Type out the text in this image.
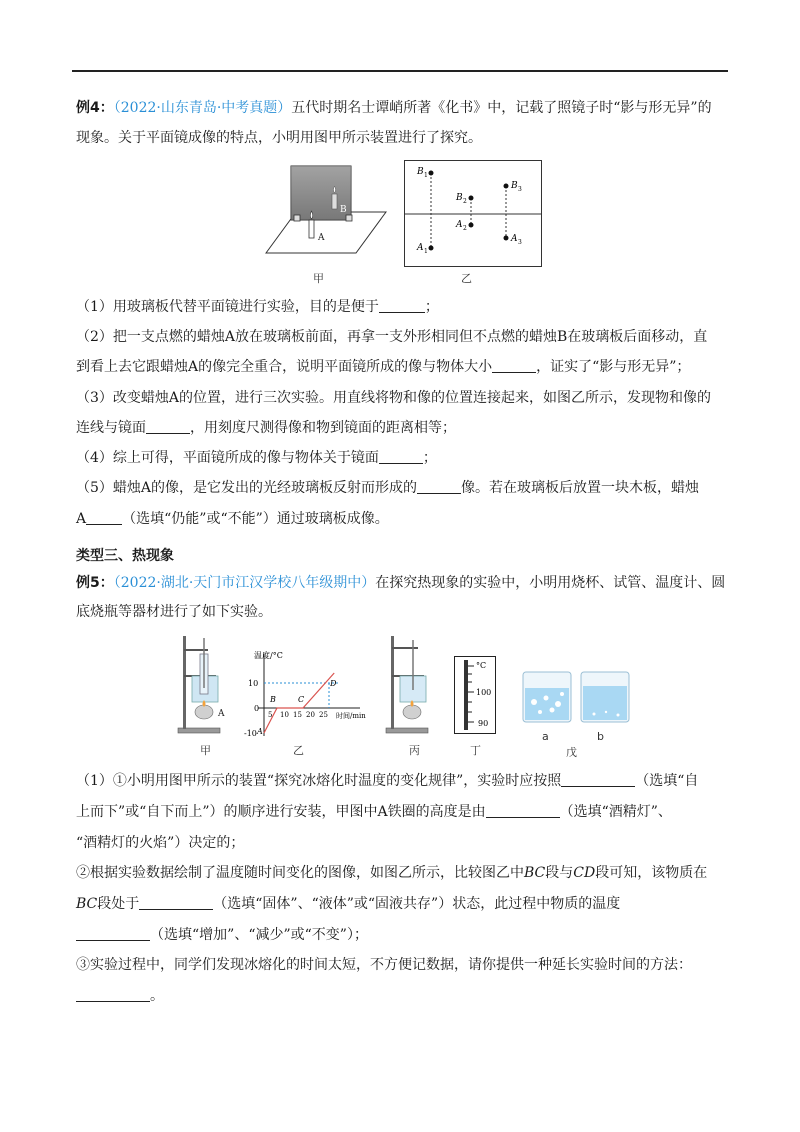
例4：（2022·山东青岛·中考真题）五代时期名士谭峭所著《化书》中，记载了照镜子时“影与形无异”的
现象。关于平面镜成像的特点，小明用图甲所示装置进行了探究。
B
A
甲
B 1
B 2
B 3
A 1
A 2
A 3
乙
（1）用玻璃板代替平面镜进行实验，目的是便于	；
（2）把一支点燃的蜡烛A放在玻璃板前面，再拿一支外形相同但不点燃的蜡烛B在玻璃板后面移动，直
到看上去它跟蜡烛A的像完全重合，说明平面镜所成的像与物体大小	，证实了“影与形无异”；
（3）改变蜡烛A的位置，进行三次实验。用直线将物和像的位置连接起来，如图乙所示，发现物和像的
连线与镜面	，用刻度尺测得像和物到镜面的距离相等；
（4）综上可得，平面镜所成的像与物体关于镜面	；
（5）蜡烛A的像，是它发出的光经玻璃板反射而形成的	像。若在玻璃板后放置一块木板，蜡烛
A	（选填“仍能”或“不能”）通过玻璃板成像。
类型三、热现象
例5：（2022·湖北·天门市江汉学校八年级期中）在探究热现象的实验中，小明用烧杯、试管、温度计、圆
底烧瓶等器材进行了如下实验。
A
甲
温度/°C
时间/min
10
0
-10
5 10 15 20 25
A
B	C
D
乙	丙
°C
100
90
丁
a	b
戊
（1）①小明用图甲所示的装置“探究冰熔化时温度的变化规律”，实验时应按照	（选填“自
上而下”或“自下而上”）的顺序进行安装，甲图中A铁圈的高度是由	（选填“酒精灯”、
“酒精灯的火焰”）决定的；
②根据实验数据绘制了温度随时间变化的图像，如图乙所示，比较图乙中BC段与CD段可知，该物质在
BC段处于	（选填“固体”、“液体”或“固液共存”）状态，此过程中物质的温度
（选填“增加”、“减少”或“不变”）；
③实验过程中，同学们发现冰熔化的时间太短，不方便记数据，请你提供一种延长实验时间的方法：
。
